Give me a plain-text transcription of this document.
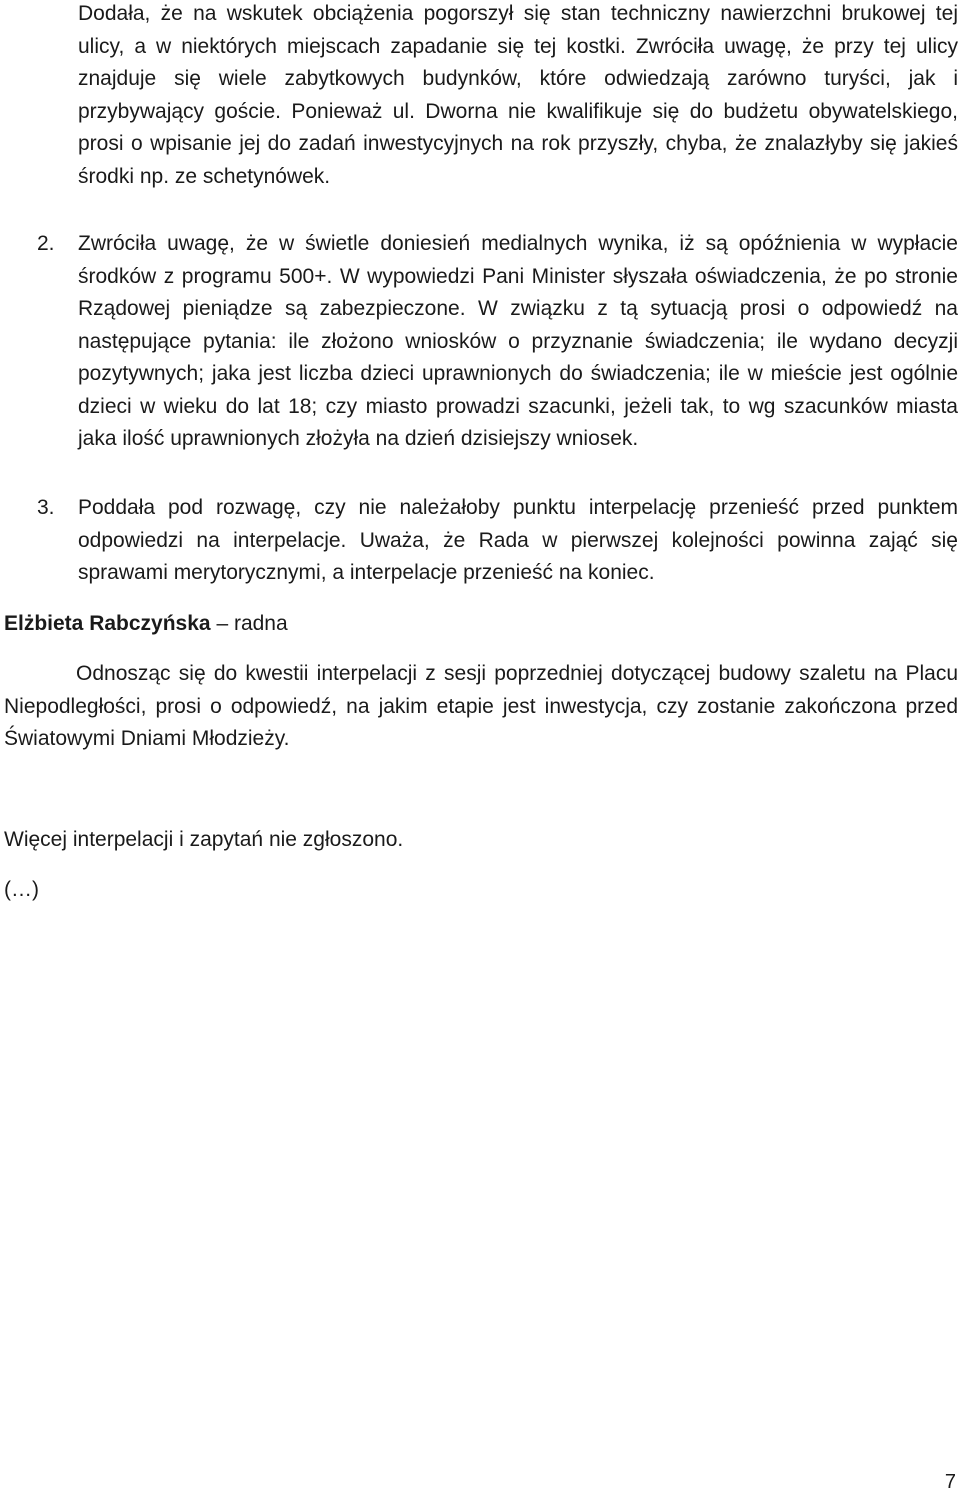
Dodała, że na wskutek obciążenia pogorszył się stan techniczny nawierzchni brukowej tej ulicy, a w niektórych miejscach zapadanie się tej kostki. Zwróciła uwagę, że przy tej ulicy znajduje się wiele zabytkowych budynków, które odwiedzają zarówno turyści, jak i przybywający goście. Ponieważ ul. Dworna nie kwalifikuje się do budżetu obywatelskiego, prosi o wpisanie jej do zadań inwestycyjnych na rok przyszły, chyba, że znalazłyby się jakieś środki np. ze schetynówek.

2. Zwróciła uwagę, że w świetle doniesień medialnych wynika, iż są opóźnienia w wypłacie środków z programu 500+. W wypowiedzi Pani Minister słyszała oświadczenia, że po stronie Rządowej pieniądze są zabezpieczone. W związku z tą sytuacją prosi o odpowiedź na następujące pytania: ile złożono wniosków o przyznanie świadczenia; ile wydano decyzji pozytywnych; jaka jest liczba dzieci uprawnionych do świadczenia; ile w mieście jest ogólnie dzieci w wieku do lat 18; czy miasto prowadzi szacunki, jeżeli tak, to wg szacunków miasta jaka ilość uprawnionych złożyła na dzień dzisiejszy wniosek.

3. Poddała pod rozwagę, czy nie należałoby punktu interpelację przenieść przed punktem odpowiedzi na interpelacje. Uważa, że Rada w pierwszej kolejności powinna zająć się sprawami merytorycznymi, a interpelacje przenieść na koniec.

Elżbieta Rabczyńska – radna

Odnosząc się do kwestii interpelacji z sesji poprzedniej dotyczącej budowy szaletu na Placu Niepodległości, prosi o odpowiedź, na jakim etapie jest inwestycja, czy zostanie zakończona przed Światowymi Dniami Młodzieży.

Więcej interpelacji i zapytań nie zgłoszono.

(…)

7
